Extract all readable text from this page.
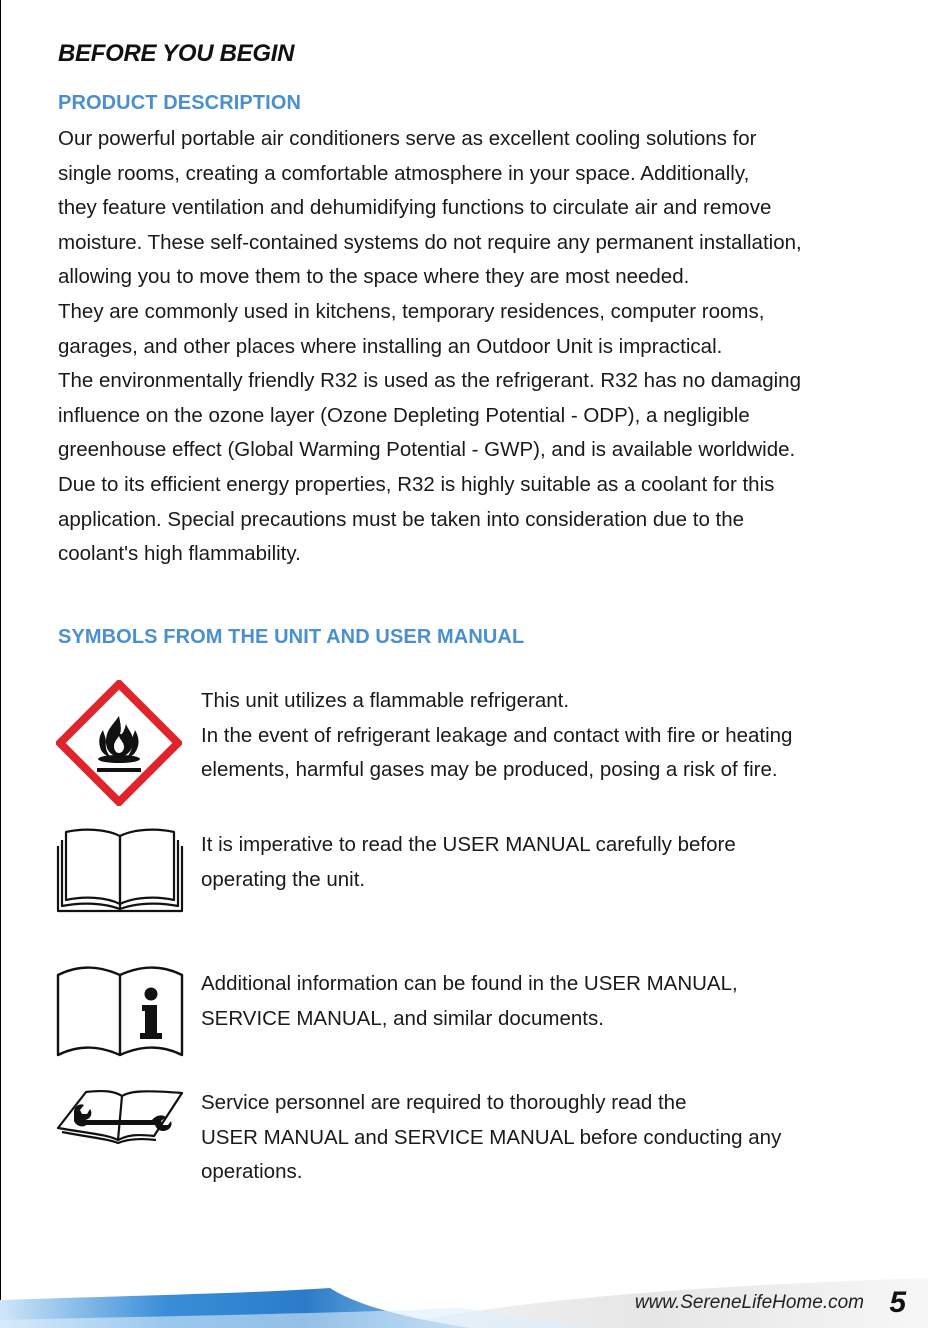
BEFORE YOU BEGIN
PRODUCT DESCRIPTION

Our powerful portable air conditioners serve as excellent cooling solutions for

single rooms, creating a comfortable atmosphere in your space. Additionally,

they feature ventilation and dehumidifying functions to circulate air and remove

moisture. These self-contained systems do not require any permanent installation,

allowing you to move them to the space where they are most needed.

They are commonly used in kitchens, temporary residences, computer rooms,

garages, and other places where installing an Outdoor Unit is impractical.

The environmentally friendly R32 is used as the refrigerant. R32 has no damaging

influence on the ozone layer (Ozone Depleting Potential - ODP), a negligible

greenhouse effect (Global Warming Potential - GWP), and is available worldwide.

Due to its efficient energy properties, R32 is highly suitable as a coolant for this

application. Special precautions must be taken into consideration due to the

coolant's high flammability.

SYMBOLS FROM THE UNIT AND USER MANUAL

This unit utilizes a flammable refrigerant.

In the event of refrigerant leakage and contact with fire or heating

elements, harmful gases may be produced, posing a risk of fire.

It is imperative to read the USER MANUAL carefully before

operating the unit.

Additional information can be found in the USER MANUAL,

SERVICE MANUAL, and similar documents.

Service personnel are required to thoroughly read the

USER MANUAL and SERVICE MANUAL before conducting any

operations.

www.SereneLifeHome.com 5
